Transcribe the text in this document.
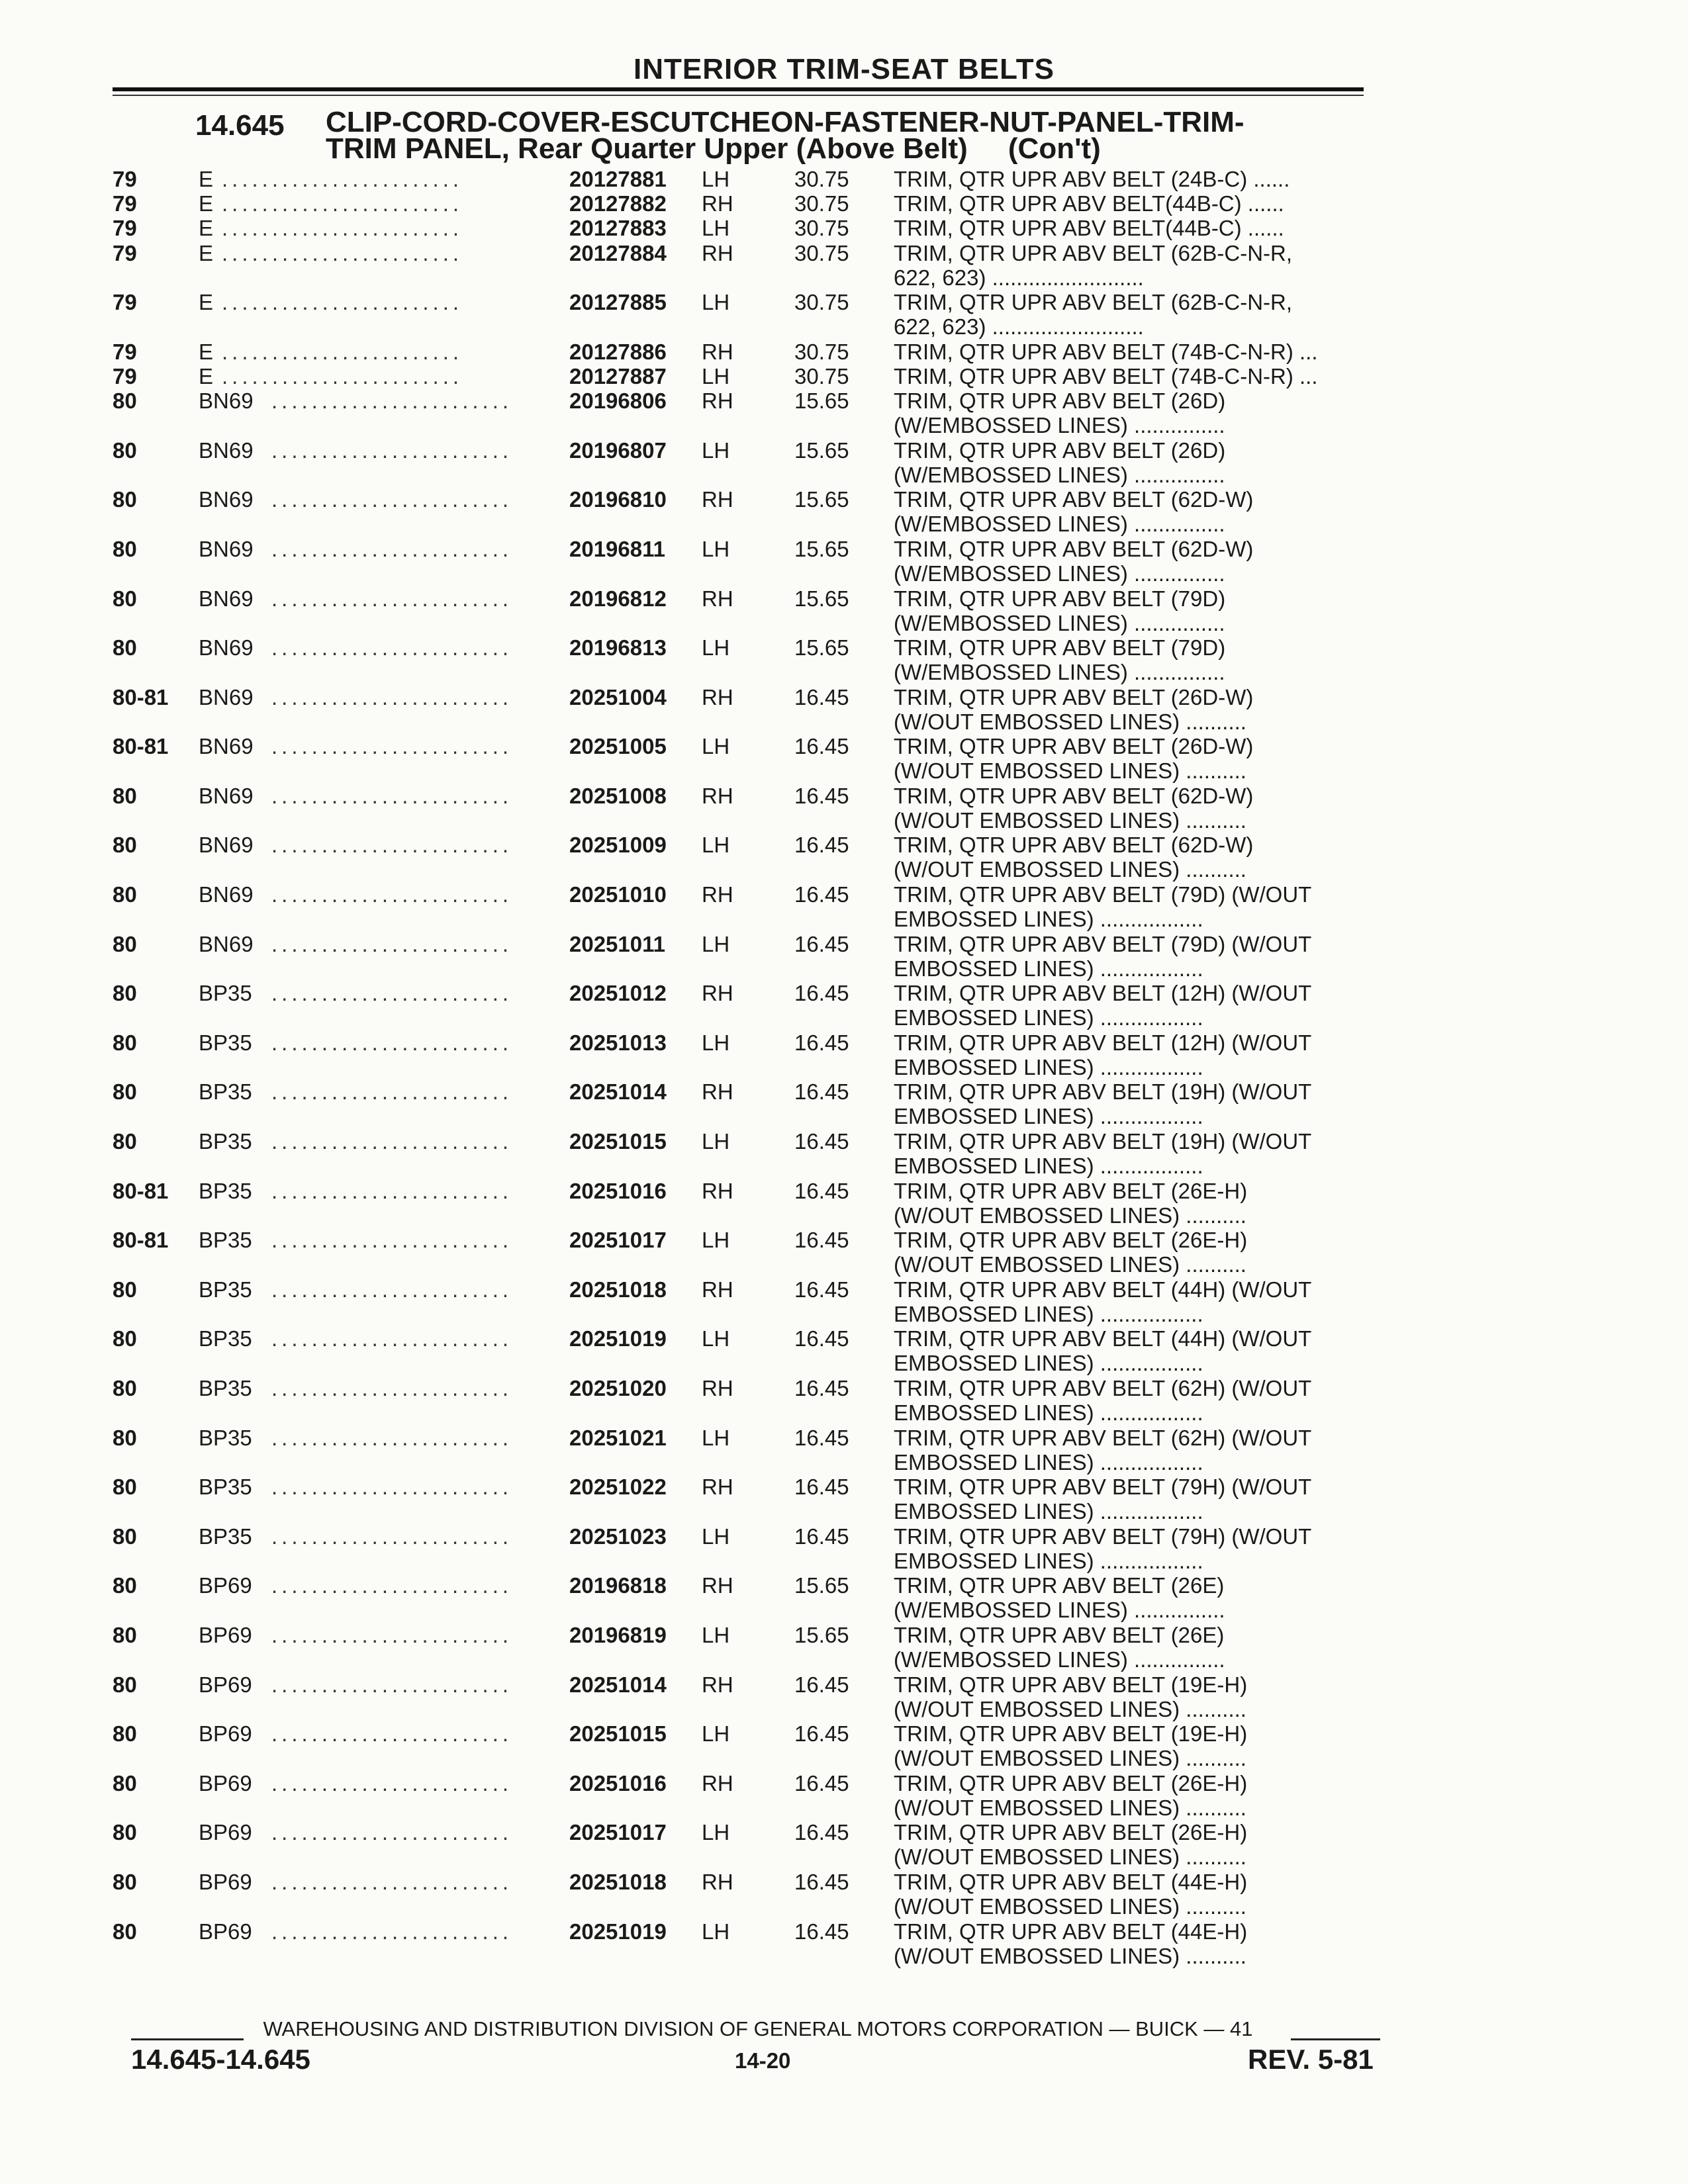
INTERIOR TRIM-SEAT BELTS
14.645 CLIP-CORD-COVER-ESCUTCHEON-FASTENER-NUT-PANEL-TRIM-
TRIM PANEL, Rear Quarter Upper (Above Belt)     (Con't)
79	E	20127881 LH	30.75 TRIM, QTR UPR ABV BELT (24B-C) ......
........................
79	E	20127882 RH	30.75 TRIM, QTR UPR ABV BELT(44B-C) ......
........................
79	E	20127883 LH	30.75 TRIM, QTR UPR ABV BELT(44B-C) ......
........................
79	E	20127884 RH	30.75 TRIM, QTR UPR ABV BELT (62B-C-N-R,
622, 623) .........................
........................
79	E	20127885 LH	30.75 TRIM, QTR UPR ABV BELT (62B-C-N-R,
622, 623) .........................
........................
79	E	20127886 RH	30.75 TRIM, QTR UPR ABV BELT (74B-C-N-R) ...
........................
79	E	20127887 LH	30.75 TRIM, QTR UPR ABV BELT (74B-C-N-R) ...
........................
80	BN69	20196806 RH	15.65 TRIM, QTR UPR ABV BELT (26D)
(W/EMBOSSED LINES) ...............
........................
80	BN69	20196807 LH	15.65 TRIM, QTR UPR ABV BELT (26D)
(W/EMBOSSED LINES) ...............
........................
80	BN69	20196810 RH	15.65 TRIM, QTR UPR ABV BELT (62D-W)
(W/EMBOSSED LINES) ...............
........................
80	BN69	20196811 LH	15.65 TRIM, QTR UPR ABV BELT (62D-W)
(W/EMBOSSED LINES) ...............
........................
80	BN69	20196812 RH	15.65 TRIM, QTR UPR ABV BELT (79D)
(W/EMBOSSED LINES) ...............
........................
80	BN69	20196813 LH	15.65 TRIM, QTR UPR ABV BELT (79D)
(W/EMBOSSED LINES) ...............
........................
80-81 BN69	20251004 RH	16.45 TRIM, QTR UPR ABV BELT (26D-W)
(W/OUT EMBOSSED LINES) ..........
........................
80-81 BN69	20251005 LH	16.45 TRIM, QTR UPR ABV BELT (26D-W)
(W/OUT EMBOSSED LINES) ..........
........................
80	BN69	20251008 RH	16.45 TRIM, QTR UPR ABV BELT (62D-W)
(W/OUT EMBOSSED LINES) ..........
........................
80	BN69	20251009 LH	16.45 TRIM, QTR UPR ABV BELT (62D-W)
(W/OUT EMBOSSED LINES) ..........
........................
80	BN69	20251010 RH	16.45 TRIM, QTR UPR ABV BELT (79D) (W/OUT
EMBOSSED LINES) .................
........................
80	BN69	20251011 LH	16.45 TRIM, QTR UPR ABV BELT (79D) (W/OUT
EMBOSSED LINES) .................
........................
80	BP35	20251012 RH	16.45 TRIM, QTR UPR ABV BELT (12H) (W/OUT
EMBOSSED LINES) .................
........................
80	BP35	20251013 LH	16.45 TRIM, QTR UPR ABV BELT (12H) (W/OUT
EMBOSSED LINES) .................
........................
80	BP35	20251014 RH	16.45 TRIM, QTR UPR ABV BELT (19H) (W/OUT
EMBOSSED LINES) .................
........................
80	BP35	20251015 LH	16.45 TRIM, QTR UPR ABV BELT (19H) (W/OUT
EMBOSSED LINES) .................
........................
80-81 BP35	20251016 RH	16.45 TRIM, QTR UPR ABV BELT (26E-H)
(W/OUT EMBOSSED LINES) ..........
........................
80-81 BP35	20251017 LH	16.45 TRIM, QTR UPR ABV BELT (26E-H)
(W/OUT EMBOSSED LINES) ..........
........................
80	BP35	20251018 RH	16.45 TRIM, QTR UPR ABV BELT (44H) (W/OUT
EMBOSSED LINES) .................
........................
80	BP35	20251019 LH	16.45 TRIM, QTR UPR ABV BELT (44H) (W/OUT
EMBOSSED LINES) .................
........................
80	BP35	20251020 RH	16.45 TRIM, QTR UPR ABV BELT (62H) (W/OUT
EMBOSSED LINES) .................
........................
80	BP35	20251021 LH	16.45 TRIM, QTR UPR ABV BELT (62H) (W/OUT
EMBOSSED LINES) .................
........................
80	BP35	20251022 RH	16.45 TRIM, QTR UPR ABV BELT (79H) (W/OUT
EMBOSSED LINES) .................
........................
80	BP35	20251023 LH	16.45 TRIM, QTR UPR ABV BELT (79H) (W/OUT
EMBOSSED LINES) .................
........................
80	BP69	20196818 RH	15.65 TRIM, QTR UPR ABV BELT (26E)
(W/EMBOSSED LINES) ...............
........................
80	BP69	20196819 LH	15.65 TRIM, QTR UPR ABV BELT (26E)
(W/EMBOSSED LINES) ...............
........................
80	BP69	20251014 RH	16.45 TRIM, QTR UPR ABV BELT (19E-H)
(W/OUT EMBOSSED LINES) ..........
........................
80	BP69	20251015 LH	16.45 TRIM, QTR UPR ABV BELT (19E-H)
(W/OUT EMBOSSED LINES) ..........
........................
80	BP69	20251016 RH	16.45 TRIM, QTR UPR ABV BELT (26E-H)
(W/OUT EMBOSSED LINES) ..........
........................
80	BP69	20251017 LH	16.45 TRIM, QTR UPR ABV BELT (26E-H)
(W/OUT EMBOSSED LINES) ..........
........................
80	BP69	20251018 RH	16.45 TRIM, QTR UPR ABV BELT (44E-H)
(W/OUT EMBOSSED LINES) ..........
........................
80	BP69	20251019 LH	16.45 TRIM, QTR UPR ABV BELT (44E-H)
(W/OUT EMBOSSED LINES) ..........
........................
WAREHOUSING AND DISTRIBUTION DIVISION OF GENERAL MOTORS CORPORATION — BUICK — 41
14.645-14.645	14-20	REV. 5-81
